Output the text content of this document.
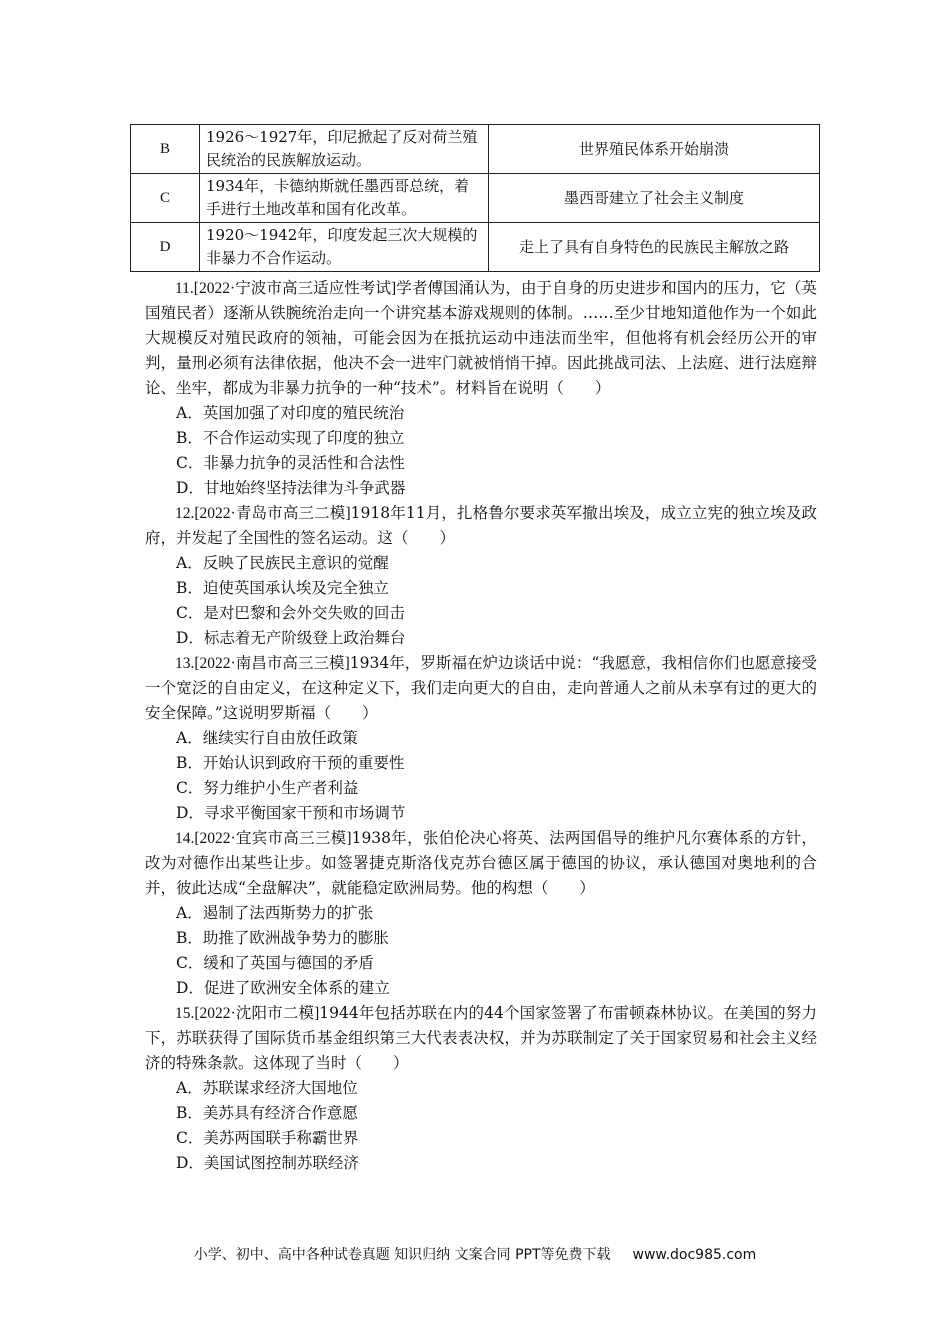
B	1926～1927年，印尼掀起了反对荷兰殖民统治的民族解放运动。	世界殖民体系开始崩溃
C	1934年，卡德纳斯就任墨西哥总统，着手进行土地改革和国有化改革。	墨西哥建立了社会主义制度
D	1920～1942年，印度发起三次大规模的非暴力不合作运动。	走上了具有自身特色的民族民主解放之路

11.[2022·宁波市高三适应性考试]学者傅国涌认为，由于自身的历史进步和国内的压力，它（英国殖民者）逐渐从铁腕统治走向一个讲究基本游戏规则的体制。……至少甘地知道他作为一个如此大规模反对殖民政府的领袖，可能会因为在抵抗运动中违法而坐牢，但他将有机会经历公开的审判，量刑必须有法律依据，他决不会一进牢门就被悄悄干掉。因此挑战司法、上法庭、进行法庭辩论、坐牢，都成为非暴力抗争的一种“技术”。材料旨在说明（　　）

A．英国加强了对印度的殖民统治
B．不合作运动实现了印度的独立
C．非暴力抗争的灵活性和合法性
D．甘地始终坚持法律为斗争武器

12.[2022·青岛市高三二模]1918年11月，扎格鲁尔要求英军撤出埃及，成立立宪的独立埃及政府，并发起了全国性的签名运动。这（　　）

A．反映了民族民主意识的觉醒
B．迫使英国承认埃及完全独立
C．是对巴黎和会外交失败的回击
D．标志着无产阶级登上政治舞台

13.[2022·南昌市高三三模]1934年，罗斯福在炉边谈话中说：“我愿意，我相信你们也愿意接受一个宽泛的自由定义，在这种定义下，我们走向更大的自由，走向普通人之前从未享有过的更大的安全保障。”这说明罗斯福（　　）

A．继续实行自由放任政策
B．开始认识到政府干预的重要性
C．努力维护小生产者利益
D．寻求平衡国家干预和市场调节

14.[2022·宜宾市高三三模]1938年，张伯伦决心将英、法两国倡导的维护凡尔赛体系的方针，改为对德作出某些让步。如签署捷克斯洛伐克苏台德区属于德国的协议，承认德国对奥地利的合并，彼此达成“全盘解决”，就能稳定欧洲局势。他的构想（　　）

A．遏制了法西斯势力的扩张
B．助推了欧洲战争势力的膨胀
C．缓和了英国与德国的矛盾
D．促进了欧洲安全体系的建立

15.[2022·沈阳市二模]1944年包括苏联在内的44个国家签署了布雷顿森林协议。在美国的努力下，苏联获得了国际货币基金组织第三大代表表决权，并为苏联制定了关于国家贸易和社会主义经济的特殊条款。这体现了当时（　　）

A．苏联谋求经济大国地位
B．美苏具有经济合作意愿
C．美苏两国联手称霸世界
D．美国试图控制苏联经济
小学、初中、高中各种试卷真题 知识归纳 文案合同 PPT等免费下载 www.doc985.com
